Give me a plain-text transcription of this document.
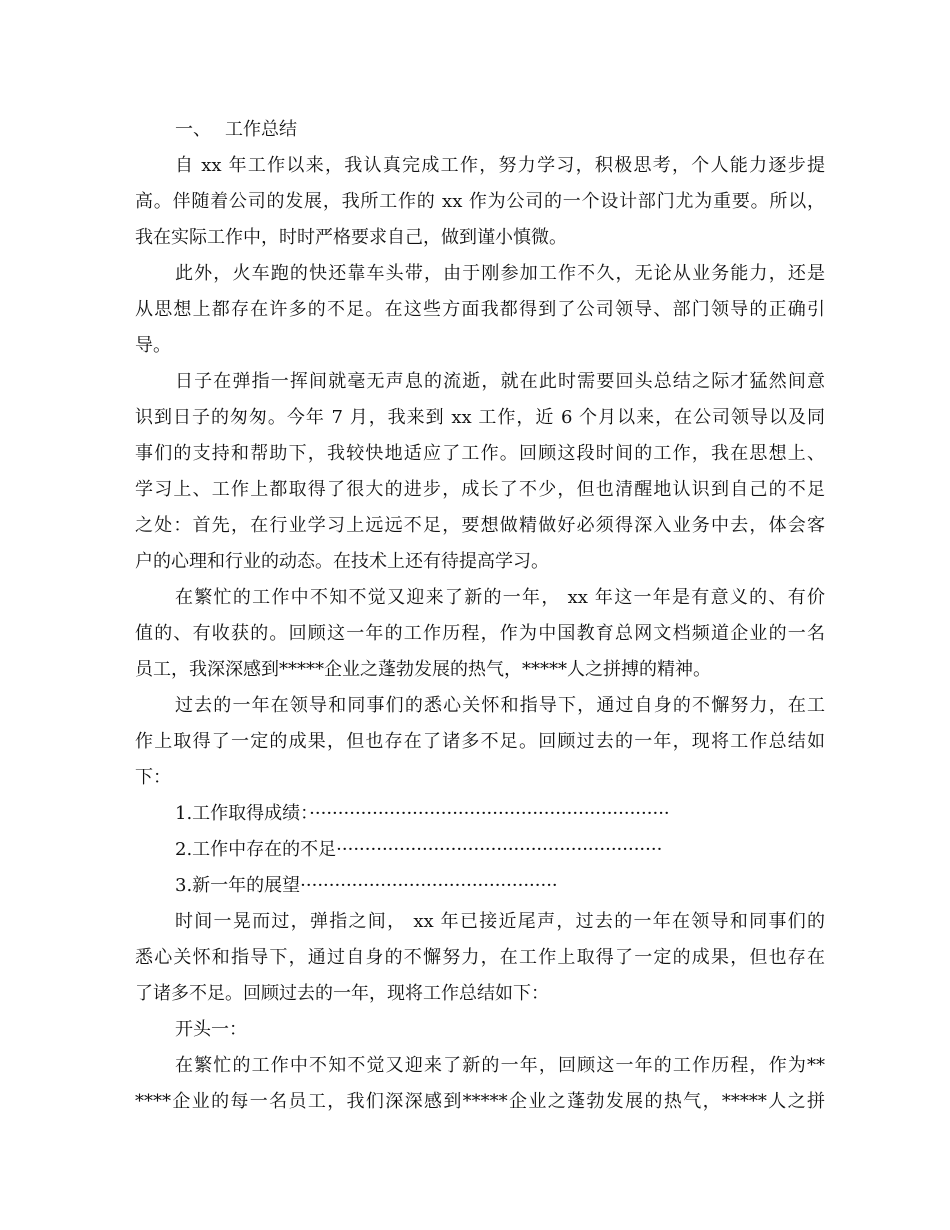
一、 工作总结
自 xx 年工作以来，我认真完成工作，努力学习，积极思考，个人能力逐步提
高。伴随着公司的发展，我所工作的 xx 作为公司的一个设计部门尤为重要。所以，
我在实际工作中，时时严格要求自己，做到谨小慎微。
此外，火车跑的快还靠车头带，由于刚参加工作不久，无论从业务能力，还是
从思想上都存在许多的不足。在这些方面我都得到了公司领导、部门领导的正确引
导。
日子在弹指一挥间就毫无声息的流逝，就在此时需要回头总结之际才猛然间意
识到日子的匆匆。今年 7 月，我来到 xx 工作，近 6 个月以来，在公司领导以及同
事们的支持和帮助下，我较快地适应了工作。回顾这段时间的工作，我在思想上、
学习上、工作上都取得了很大的进步，成长了不少，但也清醒地认识到自己的不足
之处：首先，在行业学习上远远不足，要想做精做好必须得深入业务中去，体会客
户的心理和行业的动态。在技术上还有待提高学习。
在繁忙的工作中不知不觉又迎来了新的一年， xx 年这一年是有意义的、有价
值的、有收获的。回顾这一年的工作历程，作为中国教育总网文档频道企业的一名
员工，我深深感到*****企业之蓬勃发展的热气，*****人之拼搏的精神。
过去的一年在领导和同事们的悉心关怀和指导下，通过自身的不懈努力，在工
作上取得了一定的成果，但也存在了诸多不足。回顾过去的一年，现将工作总结如
下：
1.工作取得成绩：·······························································
2.工作中存在的不足·························································
3.新一年的展望·············································
时间一晃而过，弹指之间， xx 年已接近尾声，过去的一年在领导和同事们的
悉心关怀和指导下，通过自身的不懈努力，在工作上取得了一定的成果，但也存在
了诸多不足。回顾过去的一年，现将工作总结如下：
开头一：
在繁忙的工作中不知不觉又迎来了新的一年，回顾这一年的工作历程，作为**
****企业的每一名员工，我们深深感到*****企业之蓬勃发展的热气，*****人之拼
